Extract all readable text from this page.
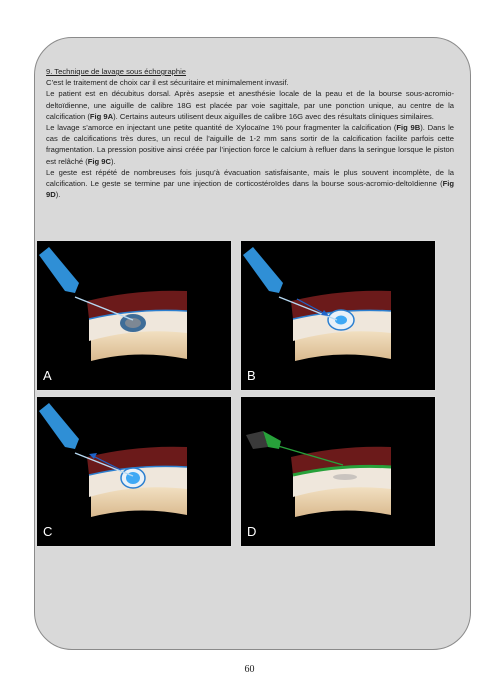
9. Technique de lavage sous échographie

C’est le traitement de choix car il est sécuritaire et minimalement invasif.

Le patient est en décubitus dorsal. Après asepsie et anesthésie locale de la peau et de la bourse sous-acromio-deltoïdienne, une aiguille de calibre 18G est placée par voie sagittale, par une ponction unique, au centre de la calcification (Fig 9A). Certains auteurs utilisent deux aiguilles de calibre 16G avec des résultats cliniques similaires.

Le lavage s’amorce en injectant une petite quantité de Xylocaïne 1% pour fragmenter la calcification (Fig 9B). Dans le cas de calcifications très dures, un recul de l’aiguille de 1-2 mm sans sortir de la calcification facilite parfois cette fragmentation. La pression positive ainsi créée par l’injection force le calcium à refluer dans la seringue lorsque le piston est relâché (Fig 9C).

Le geste est répété de nombreuses fois jusqu’à évacuation satisfaisante, mais le plus souvent incomplète, de la calcification. Le geste se termine par une injection de corticostéroïdes dans la bourse sous-acromio-deltoïdienne (Fig 9D).

A	B
C	D
60
